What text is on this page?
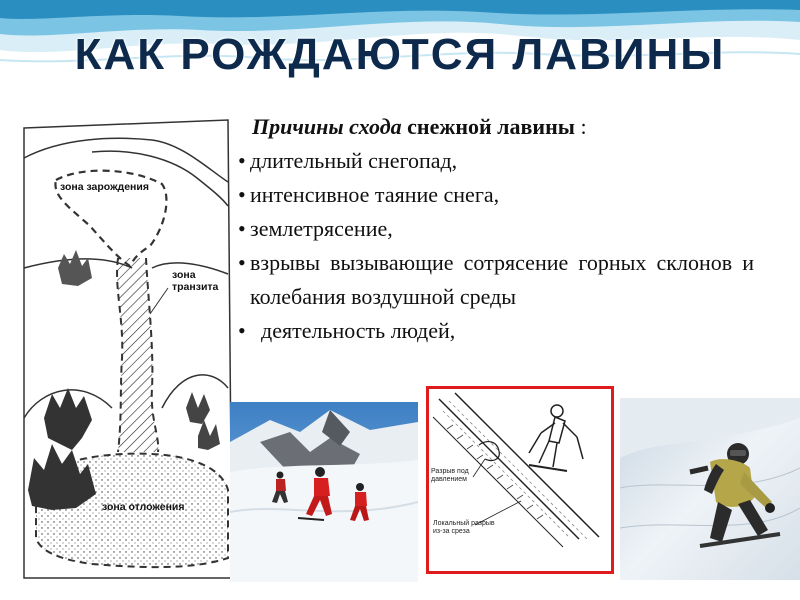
КАК РОЖДАЮТСЯ ЛАВИНЫ
зона зарождения
зона
транзита
зона отложения
Причины схода снежной лавины :
• длительный снегопад,
• интенсивное таяние снега,
• землетрясение,
• взрывы вызывающие сотрясение горных склонов и колебания воздушной среды
• деятельность людей,
Разрыв под
давлением
Локальный разрыв
из-за среза
